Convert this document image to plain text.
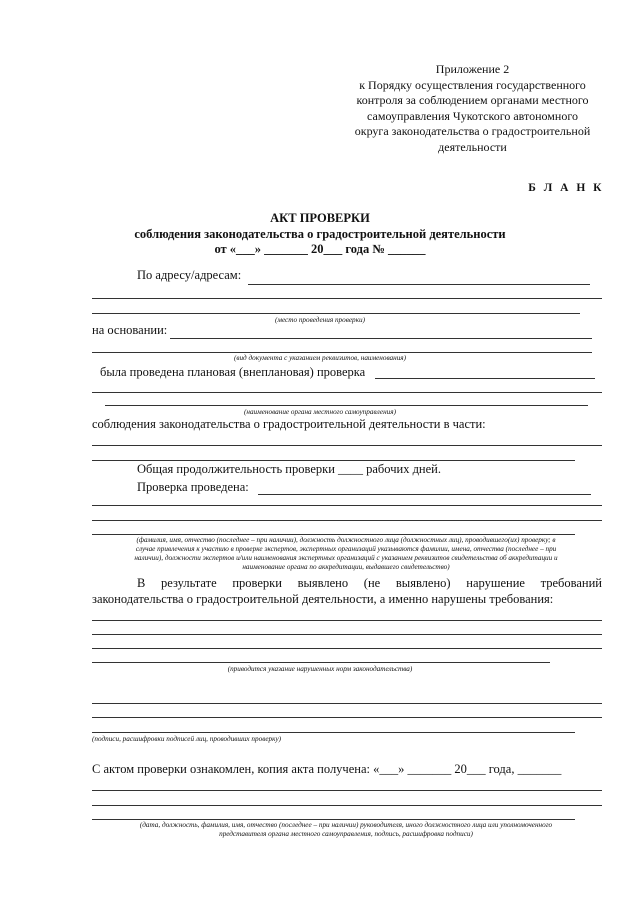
Приложение 2
к Порядку осуществления государственного
контроля за соблюдением органами местного
самоуправления Чукотского автономного
округа законодательства о градостроительной
деятельности
Б Л А Н К
АКТ ПРОВЕРКИ
соблюдения законодательства о градостроительной деятельности
от «___» _______ 20___ года № ______
По адресу/адресам:
(место проведения проверки)
на основании:
(вид документа с указанием реквизитов, наименования)
была проведена плановая (внеплановая) проверка
(наименование органа местного самоуправления)
соблюдения законодательства о градостроительной деятельности в части:
Общая продолжительность проверки ____ рабочих дней.
Проверка проведена:
(фамилия, имя, отчество (последнее – при наличии), должность должностного лица (должностных лиц), проводившего(их) проверку; в
случае привлечения к участию в проверке экспертов, экспертных организаций указываются фамилии, имена, отчества (последнее – при
наличии), должности экспертов и/или наименования экспертных организаций с указанием реквизитов свидетельства об аккредитации и
наименование органа по аккредитации, выдавшего свидетельство)
В результате проверки выявлено (не выявлено) нарушение требований
законодательства о градостроительной деятельности, а именно нарушены требования:
(приводится указание нарушенных норм законодательства)
(подписи, расшифровки подписей лиц, проводивших проверку)
С актом проверки ознакомлен, копия акта получена: «___» _______ 20___ года, _______
(дата, должность, фамилия, имя, отчество (последнее – при наличии) руководителя, иного должностного лица или уполномоченного
представителя органа местного самоуправления, подпись, расшифровка подписи)
